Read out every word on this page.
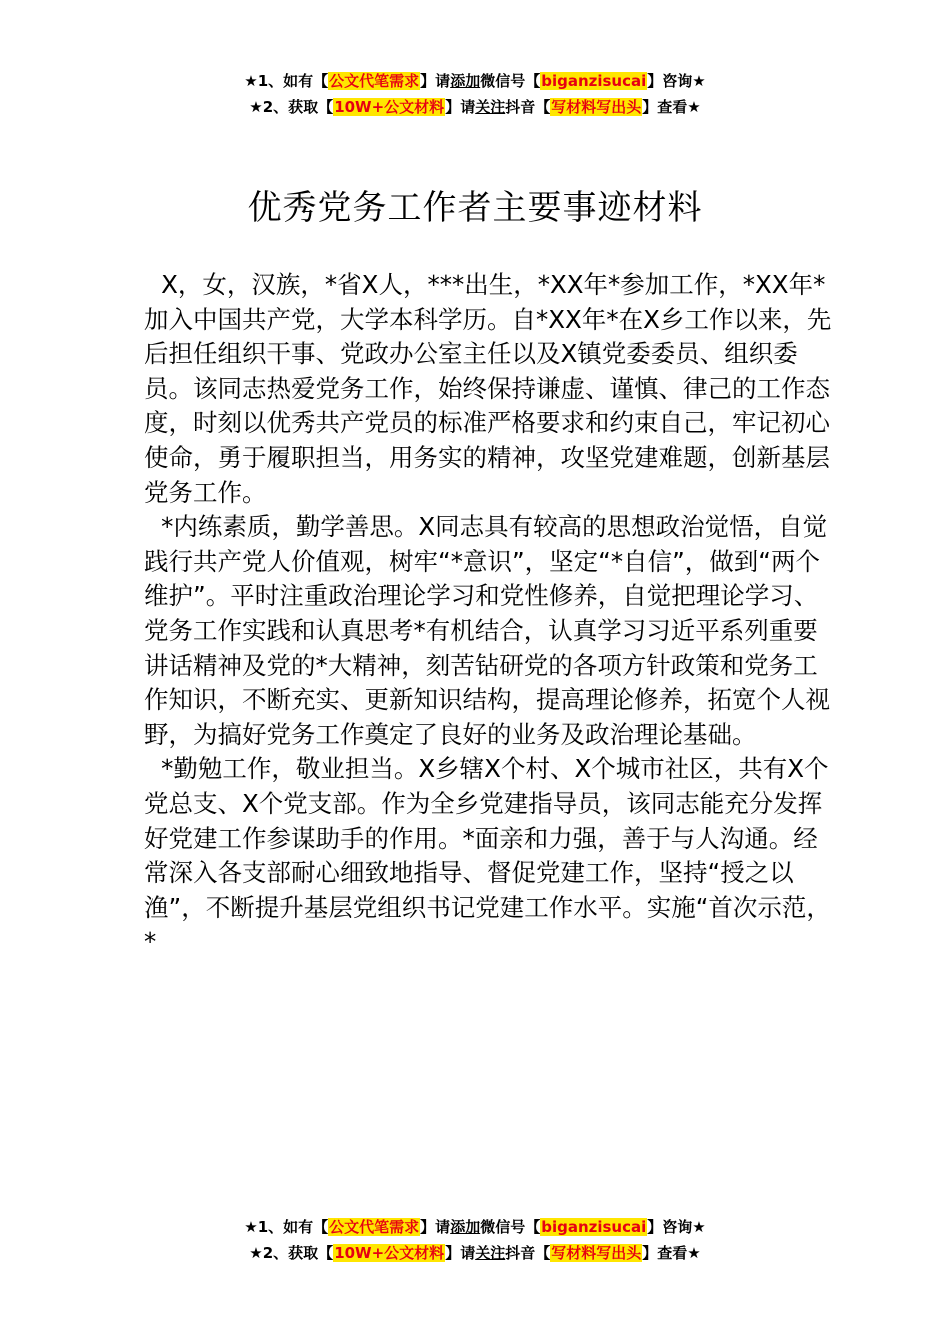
★1、如有【公文代笔需求】请添加微信号【biganzisucai】咨询★
★2、获取【10W+公文材料】请关注抖音【写材料写出头】查看★
优秀党务工作者主要事迹材料

X，女，汉族，*省X人，***出生，*XX年*参加工作，*XX年*加入中国共产党，大学本科学历。自*XX年*在X乡工作以来，先后担任组织干事、党政办公室主任以及X镇党委委员、组织委员。该同志热爱党务工作，始终保持谦虚、谨慎、律己的工作态度，时刻以优秀共产党员的标准严格要求和约束自己，牢记初心使命，勇于履职担当，用务实的精神，攻坚党建难题，创新基层党务工作。

*内练素质，勤学善思。X同志具有较高的思想政治觉悟，自觉践行共产党人价值观，树牢“*意识”，坚定“*自信”，做到“两个维护”。平时注重政治理论学习和党性修养，自觉把理论学习、党务工作实践和认真思考*有机结合，认真学习习近平系列重要讲话精神及党的*大精神，刻苦钻研党的各项方针政策和党务工作知识，不断充实、更新知识结构，提高理论修养，拓宽个人视野，为搞好党务工作奠定了良好的业务及政治理论基础。

*勤勉工作，敬业担当。X乡辖X个村、X个城市社区，共有X个党总支、X个党支部。作为全乡党建指导员，该同志能充分发挥好党建工作参谋助手的作用。*面亲和力强，善于与人沟通。经常深入各支部耐心细致地指导、督促党建工作，坚持“授之以渔”，不断提升基层党组织书记党建工作水平。实施“首次示范，*

★1、如有【公文代笔需求】请添加微信号【biganzisucai】咨询★
★2、获取【10W+公文材料】请关注抖音【写材料写出头】查看★
